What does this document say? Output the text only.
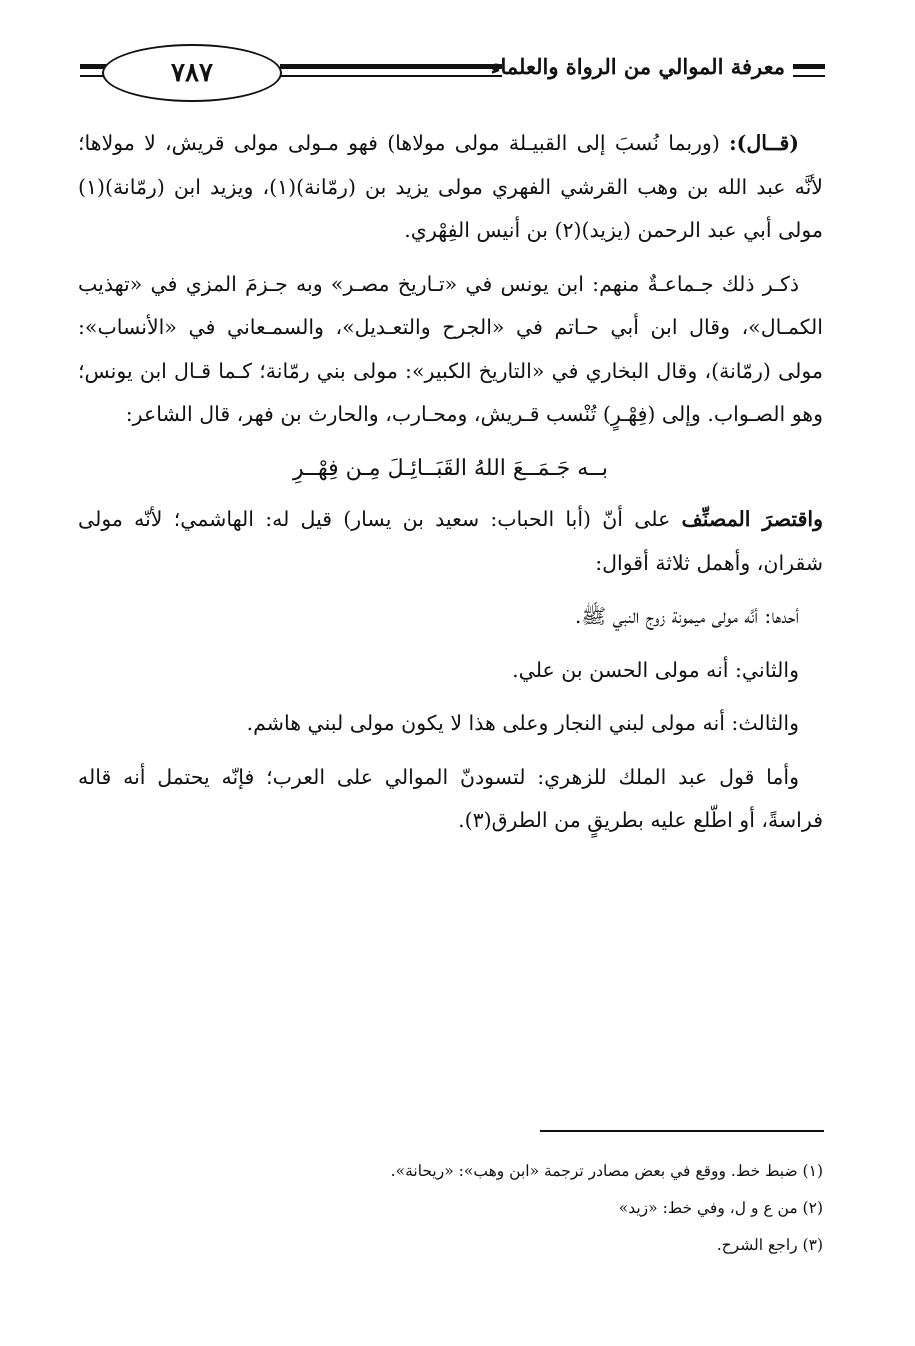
٧٨٧	معرفة الموالي من الرواة والعلماء

(قــال): (وربما نُسبَ إلى القبيـلة مولى مولاها) فهو مـولى مولى قريش، لا مولاها؛ لأنَّه عبد الله بن وهب القرشي الفهري مولى يزيد بن (رمّانة)(١)، ويزيد ابن (رمّانة)(١) مولى أبي عبد الرحمن (يزيد)(٢) بن أنيس الفِهْري.

ذكـر ذلك جـماعـةٌ منهم: ابن يونس في «تـاريخ مصـر» وبه جـزمَ المزي في «تهذيب الكمـال»، وقال ابن أبي حـاتم في «الجرح والتعـديل»، والسمـعاني في «الأنساب»: مولى (رمّانة)، وقال البخاري في «التاريخ الكبير»: مولى بني رمّانة؛ كـما قـال ابن يونس؛ وهو الصـواب. وإلى (فِهْـرٍ) تُنْسب قـريش، ومحـارب، والحارث بن فهر، قال الشاعر:

بــه جَـمَــعَ اللهُ القَبَــائِـلَ مِـن فِهْــرِ

واقتصرَ المصنِّف على أنّ (أبا الحباب: سعيد بن يسار) قيل له: الهاشمي؛ لأنّه مولى شقران، وأهمل ثلاثة أقوال:

أحدها: أنَّه مولى ميمونة زوج النبي ﷺ.

والثاني: أنه مولى الحسن بن علي.

والثالث: أنه مولى لبني النجار وعلى هذا لا يكون مولى لبني هاشم.

وأما قول عبد الملك للزهري: لتسودنّ الموالي على العرب؛ فإنّه يحتمل أنه قاله فراسةً، أو اطّلع عليه بطريقٍ من الطرق(٣).

(١) ضبط خط. ووقع في بعض مصادر ترجمة «ابن وهب»: «ريحانة».
(٢) من ع و ل، وفي خط: «زيد»
(٣) راجع الشرح.
